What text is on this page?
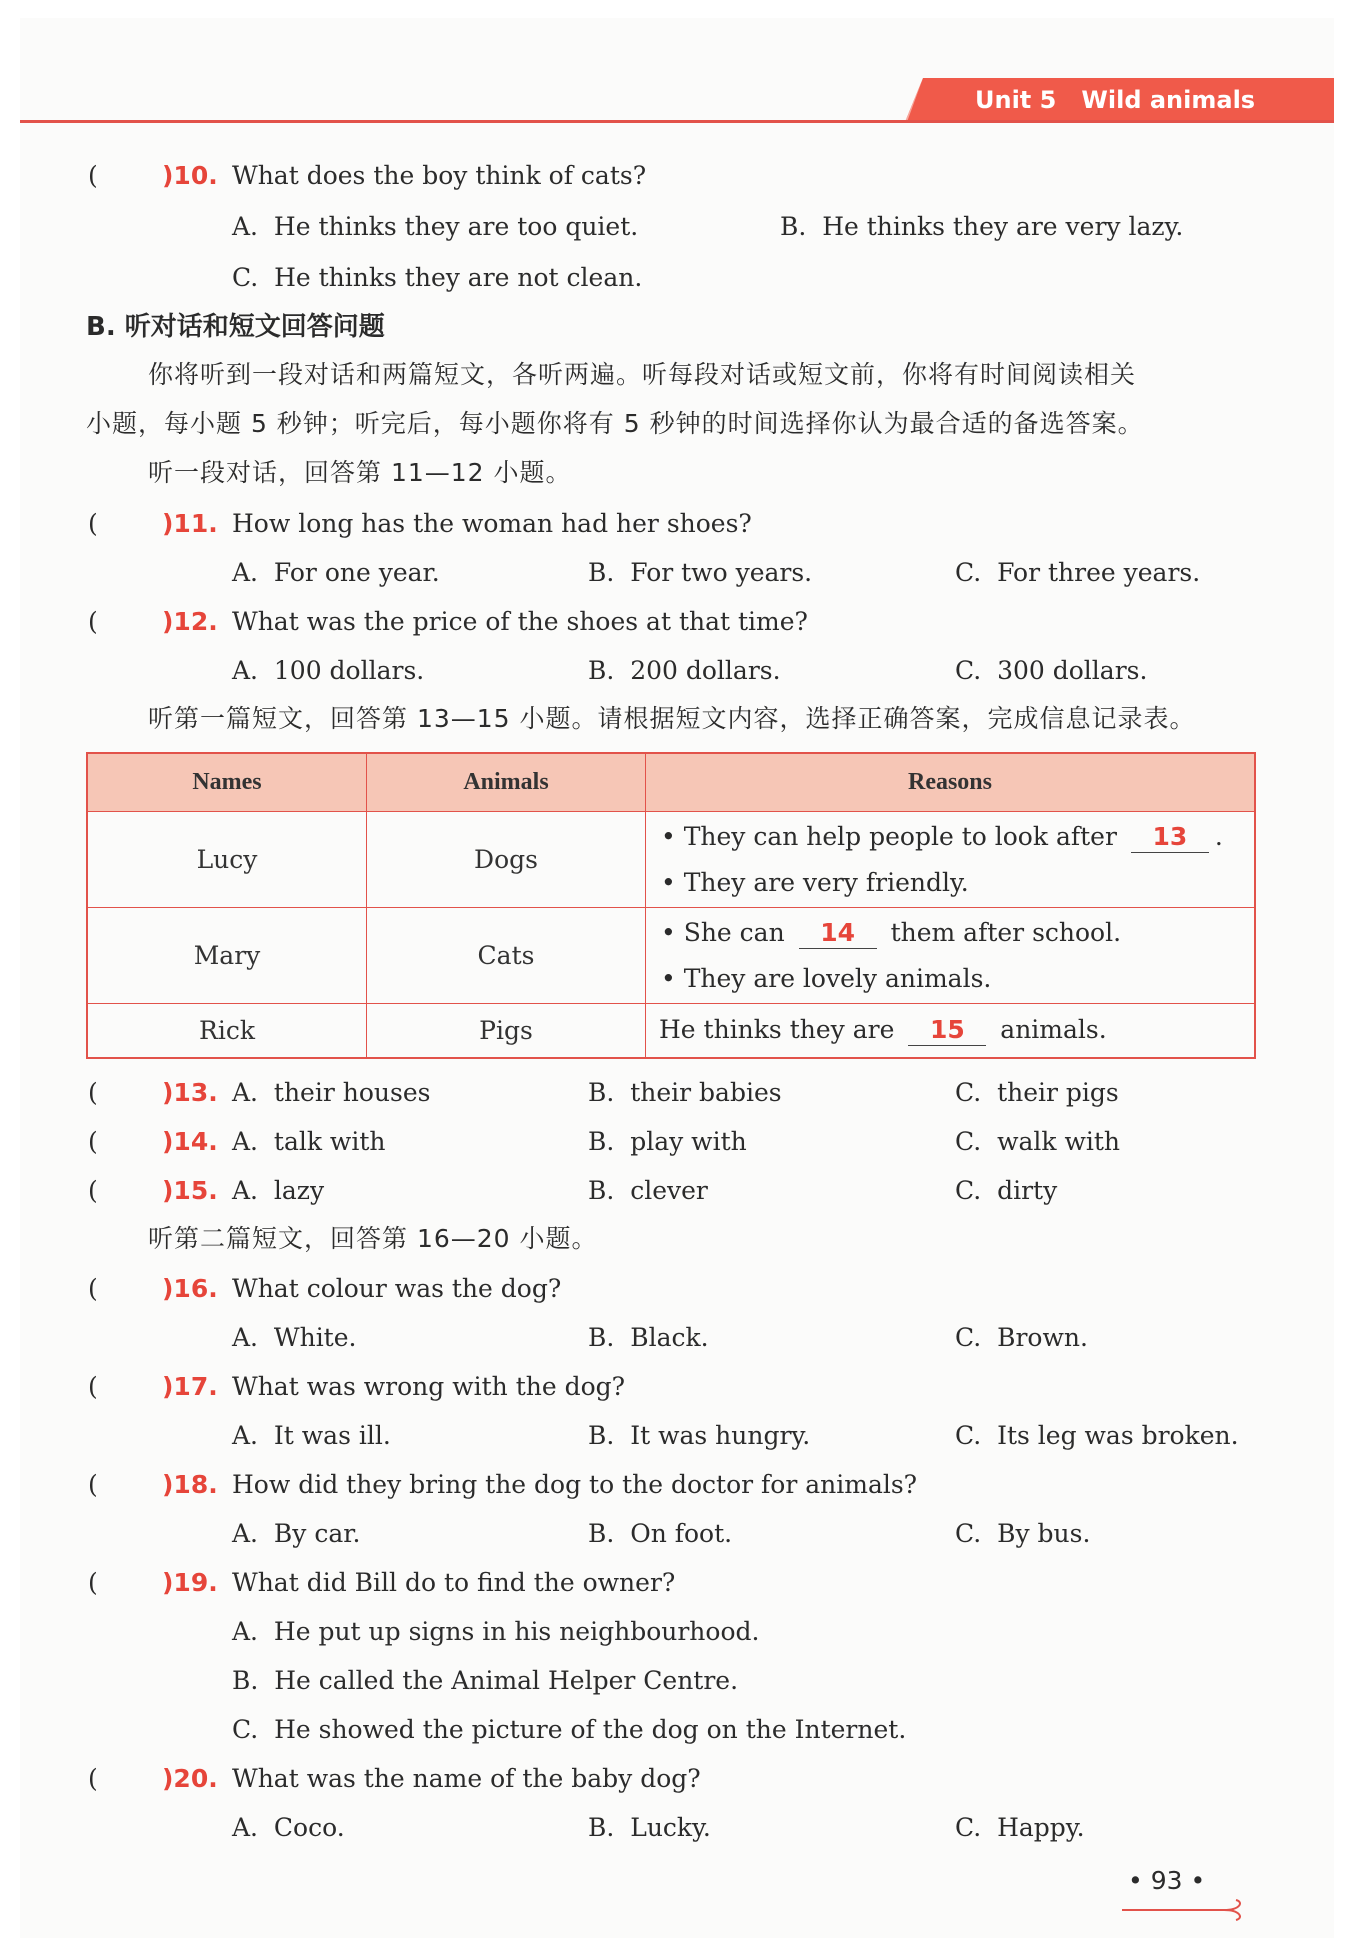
Unit 5   Wild animals
(	)10. What does the boy think of cats?
A.  He thinks they are too quiet.	B.  He thinks they are very lazy.
C.  He thinks they are not clean.
B. 听对话和短文回答问题
你将听到一段对话和两篇短文，各听两遍。听每段对话或短文前，你将有时间阅读相关
小题，每小题 5 秒钟；听完后，每小题你将有 5 秒钟的时间选择你认为最合适的备选答案。
听一段对话，回答第 11—12 小题。
(	)11. How long has the woman had her shoes?
A.  For one year.	B.  For two years.	C.  For three years.
(	)12. What was the price of the shoes at that time?
A.  100 dollars.	B.  200 dollars.	C.  300 dollars.
听第一篇短文，回答第 13—15 小题。请根据短文内容，选择正确答案，完成信息记录表。
Names	Animals	Reasons
Lucy	Dogs	• They can help people to look after 13 .
• They are very friendly.

Mary	Cats	• She can 14 them after school.
• They are lovely animals.

Rick	Pigs	He thinks they are 15 animals.
(	)13. A.  their houses	B.  their babies	C.  their pigs
(	)14. A.  talk with	B.  play with	C.  walk with
(	)15. A.  lazy	B.  clever	C.  dirty
听第二篇短文，回答第 16—20 小题。
(	)16. What colour was the dog?
A.  White.	B.  Black.	C.  Brown.
(	)17. What was wrong with the dog?
A.  It was ill.	B.  It was hungry.	C.  Its leg was broken.
(	)18. How did they bring the dog to the doctor for animals?
A.  By car.	B.  On foot.	C.  By bus.
(	)19. What did Bill do to find the owner?
A.  He put up signs in his neighbourhood.
B.  He called the Animal Helper Centre.
C.  He showed the picture of the dog on the Internet.
(	)20. What was the name of the baby dog?
A.  Coco.	B.  Lucky.	C.  Happy.
• 93 •
